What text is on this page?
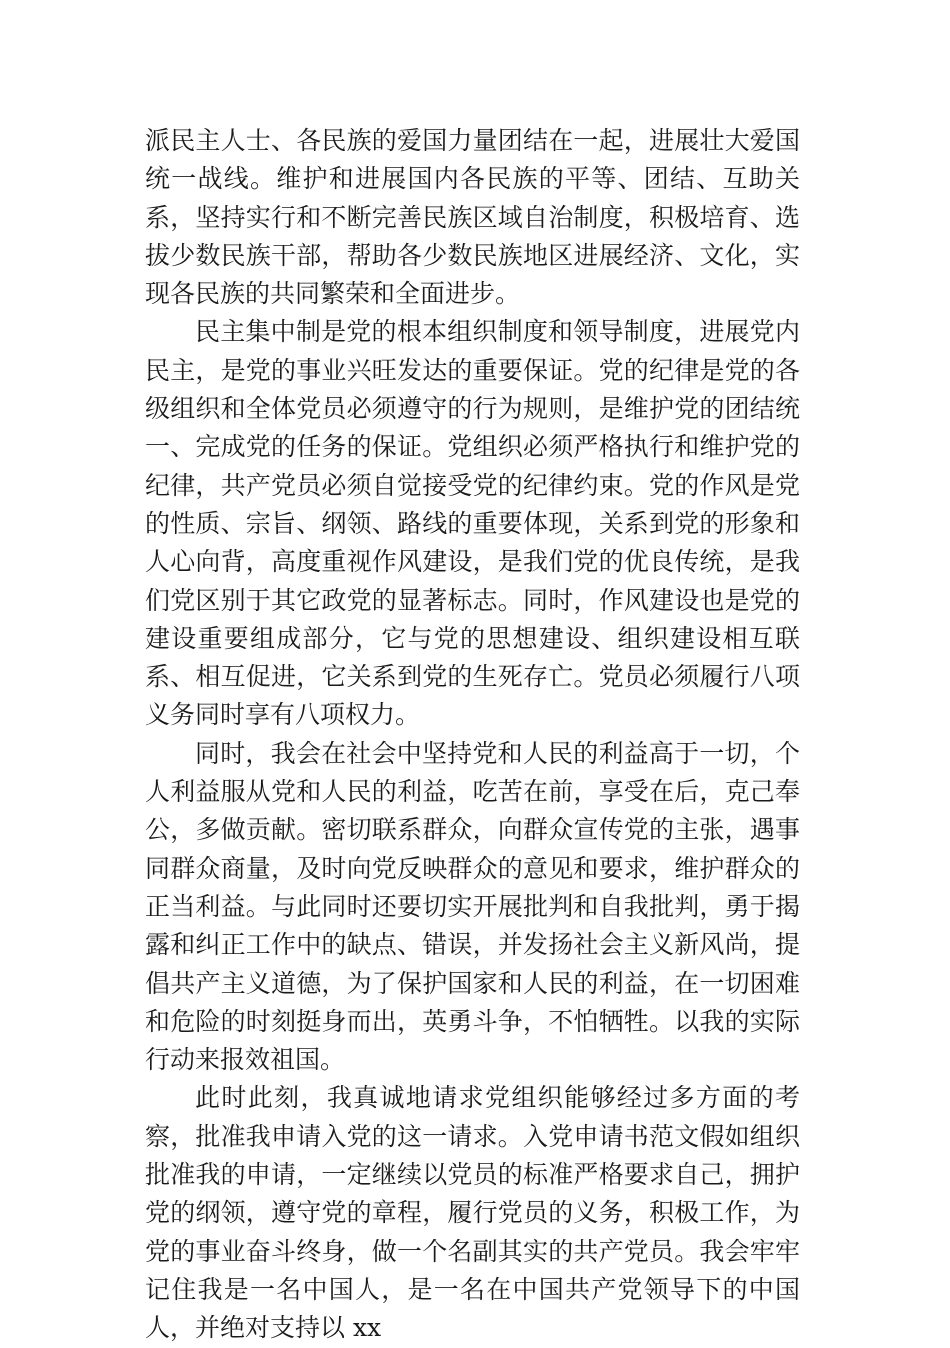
派民主人士、各民族的爱国力量团结在一起，进展壮大爱国统一战线。维护和进展国内各民族的平等、团结、互助关系，坚持实行和不断完善民族区域自治制度，积极培育、选拔少数民族干部，帮助各少数民族地区进展经济、文化，实现各民族的共同繁荣和全面进步。

民主集中制是党的根本组织制度和领导制度，进展党内民主，是党的事业兴旺发达的重要保证。党的纪律是党的各级组织和全体党员必须遵守的行为规则，是维护党的团结统一、完成党的任务的保证。党组织必须严格执行和维护党的纪律，共产党员必须自觉接受党的纪律约束。党的作风是党的性质、宗旨、纲领、路线的重要体现，关系到党的形象和人心向背，高度重视作风建设，是我们党的优良传统，是我们党区别于其它政党的显著标志。同时，作风建设也是党的建设重要组成部分，它与党的思想建设、组织建设相互联系、相互促进，它关系到党的生死存亡。党员必须履行八项义务同时享有八项权力。

同时，我会在社会中坚持党和人民的利益高于一切，个人利益服从党和人民的利益，吃苦在前，享受在后，克己奉公，多做贡献。密切联系群众，向群众宣传党的主张，遇事同群众商量，及时向党反映群众的意见和要求，维护群众的正当利益。与此同时还要切实开展批判和自我批判，勇于揭露和纠正工作中的缺点、错误，并发扬社会主义新风尚，提倡共产主义道德，为了保护国家和人民的利益，在一切困难和危险的时刻挺身而出，英勇斗争，不怕牺牲。以我的实际行动来报效祖国。

此时此刻，我真诚地请求党组织能够经过多方面的考察，批准我申请入党的这一请求。入党申请书范文假如组织批准我的申请，一定继续以党员的标准严格要求自己，拥护党的纲领，遵守党的章程，履行党员的义务，积极工作，为党的事业奋斗终身，做一个名副其实的共产党员。我会牢牢记住我是一名中国人，是一名在中国共产党领导下的中国人，并绝对支持以 xx
